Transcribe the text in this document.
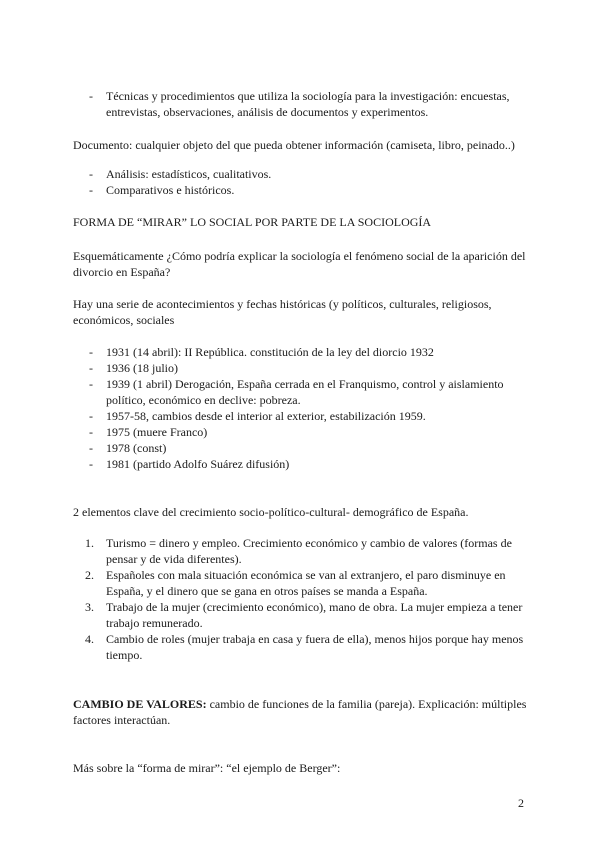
- Técnicas y procedimientos que utiliza la sociología para la investigación: encuestas, entrevistas, observaciones, análisis de documentos y experimentos.
Documento: cualquier objeto del que pueda obtener información (camiseta, libro, peinado..)
- Análisis: estadísticos, cualitativos.
- Comparativos e históricos.
FORMA DE “MIRAR” LO SOCIAL POR PARTE DE LA SOCIOLOGÍA
Esquemáticamente ¿Cómo podría explicar la sociología el fenómeno social de la aparición del divorcio en España?
Hay una serie de acontecimientos y fechas históricas (y políticos, culturales, religiosos, económicos, sociales
- 1931 (14 abril): II República. constitución de la ley del diorcio 1932
- 1936 (18 julio)
- 1939 (1 abril) Derogación, España cerrada en el Franquismo, control y aislamiento político, económico en declive: pobreza.
- 1957-58, cambios desde el interior al exterior, estabilización 1959.
- 1975 (muere Franco)
- 1978 (const)
- 1981 (partido Adolfo Suárez difusión)
2 elementos clave del crecimiento socio-político-cultural- demográfico de España.
1. Turismo = dinero y empleo. Crecimiento económico y cambio de valores (formas de pensar y de vida diferentes).
2. Españoles con mala situación económica se van al extranjero, el paro disminuye en España, y el dinero que se gana en otros países se manda a España.
3. Trabajo de la mujer (crecimiento económico), mano de obra. La mujer empieza a tener trabajo remunerado.
4. Cambio de roles (mujer trabaja en casa y fuera de ella), menos hijos porque hay menos tiempo.
CAMBIO DE VALORES: cambio de funciones de la familia (pareja). Explicación: múltiples factores interactúan.
Más sobre la “forma de mirar”: “el ejemplo de Berger”:
2
